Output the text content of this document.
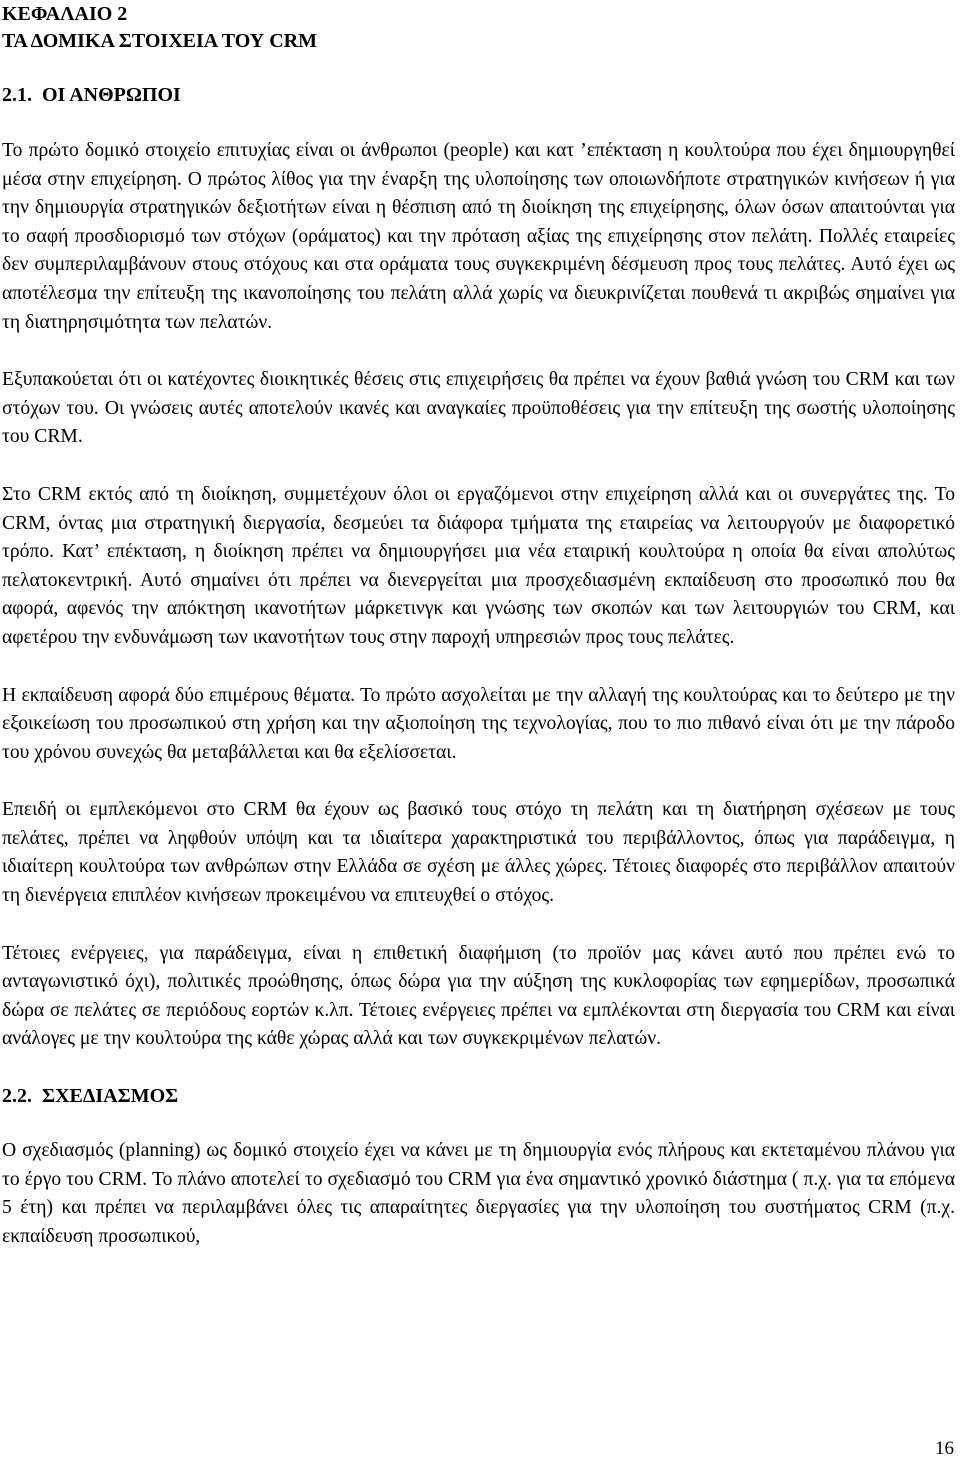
ΚΕΦΑΛΑΙΟ 2
ΤΑ ΔΟΜΙΚΑ ΣΤΟΙΧΕΙΑ ΤΟΥ CRM
2.1.  ΟΙ ΑΝΘΡΩΠΟΙ

Το πρώτο δομικό στοιχείο επιτυχίας είναι οι άνθρωποι (people) και κατ ’επέκταση η κουλτούρα που έχει δημιουργηθεί μέσα στην επιχείρηση. Ο πρώτος λίθος για την έναρξη της υλοποίησης των οποιωνδήποτε στρατηγικών κινήσεων ή για την δημιουργία στρατηγικών δεξιοτήτων είναι η θέσπιση από τη διοίκηση της επιχείρησης, όλων όσων απαιτούνται για το σαφή προσδιορισμό των στόχων (οράματος) και την πρόταση αξίας της επιχείρησης στον πελάτη. Πολλές εταιρείες δεν συμπεριλαμβάνουν στους στόχους και στα οράματα τους συγκεκριμένη δέσμευση προς τους πελάτες. Αυτό έχει ως αποτέλεσμα την επίτευξη της ικανοποίησης του πελάτη αλλά χωρίς να διευκρινίζεται πουθενά τι ακριβώς σημαίνει για τη διατηρησιμότητα των πελατών.

Εξυπακούεται ότι οι κατέχοντες διοικητικές θέσεις στις επιχειρήσεις θα πρέπει να έχουν βαθιά γνώση του CRM και των στόχων του. Οι γνώσεις αυτές αποτελούν ικανές και αναγκαίες προϋποθέσεις για την επίτευξη της σωστής υλοποίησης του CRM.

Στο CRM εκτός από τη διοίκηση, συμμετέχουν όλοι οι εργαζόμενοι στην επιχείρηση αλλά και οι συνεργάτες της. Το CRM, όντας μια στρατηγική διεργασία, δεσμεύει τα διάφορα τμήματα της εταιρείας να λειτουργούν με διαφορετικό τρόπο. Κατ’ επέκταση, η διοίκηση πρέπει να δημιουργήσει μια νέα εταιρική κουλτούρα η οποία θα είναι απολύτως πελατοκεντρική. Αυτό σημαίνει ότι πρέπει να διενεργείται μια προσχεδιασμένη εκπαίδευση στο προσωπικό που θα αφορά, αφενός την απόκτηση ικανοτήτων μάρκετινγκ και γνώσης των σκοπών και των λειτουργιών του CRM, και αφετέρου την ενδυνάμωση των ικανοτήτων τους στην παροχή υπηρεσιών προς τους πελάτες.

Η εκπαίδευση αφορά δύο επιμέρους θέματα. Το πρώτο ασχολείται με την αλλαγή της κουλτούρας και το δεύτερο με την εξοικείωση του προσωπικού στη χρήση και την αξιοποίηση της τεχνολογίας, που το πιο πιθανό είναι ότι με την πάροδο του χρόνου συνεχώς θα μεταβάλλεται και θα εξελίσσεται.

Επειδή οι εμπλεκόμενοι στο CRM θα έχουν ως βασικό τους στόχο τη πελάτη και τη διατήρηση σχέσεων με τους πελάτες, πρέπει να ληφθούν υπόψη και τα ιδιαίτερα χαρακτηριστικά του περιβάλλοντος, όπως για παράδειγμα, η ιδιαίτερη κουλτούρα των ανθρώπων στην Ελλάδα σε σχέση με άλλες χώρες. Τέτοιες διαφορές στο περιβάλλον απαιτούν τη διενέργεια επιπλέον κινήσεων προκειμένου να επιτευχθεί ο στόχος.

Τέτοιες ενέργειες, για παράδειγμα, είναι η επιθετική διαφήμιση (το προϊόν μας κάνει αυτό που πρέπει ενώ το ανταγωνιστικό όχι), πολιτικές προώθησης, όπως δώρα για την αύξηση της κυκλοφορίας των εφημερίδων, προσωπικά δώρα σε πελάτες σε περιόδους εορτών κ.λπ. Τέτοιες ενέργειες πρέπει να εμπλέκονται στη διεργασία του CRM και είναι ανάλογες με την κουλτούρα της κάθε χώρας αλλά και των συγκεκριμένων πελατών.

2.2.  ΣΧΕΔΙΑΣΜΟΣ

Ο σχεδιασμός (planning) ως δομικό στοιχείο έχει να κάνει με τη δημιουργία ενός πλήρους και εκτεταμένου πλάνου για το έργο του CRM. Το πλάνο αποτελεί το σχεδιασμό του CRM για ένα σημαντικό χρονικό διάστημα ( π.χ. για τα επόμενα 5 έτη) και πρέπει να περιλαμβάνει όλες τις απαραίτητες διεργασίες για την υλοποίηση του συστήματος CRM (π.χ. εκπαίδευση προσωπικού,

16
